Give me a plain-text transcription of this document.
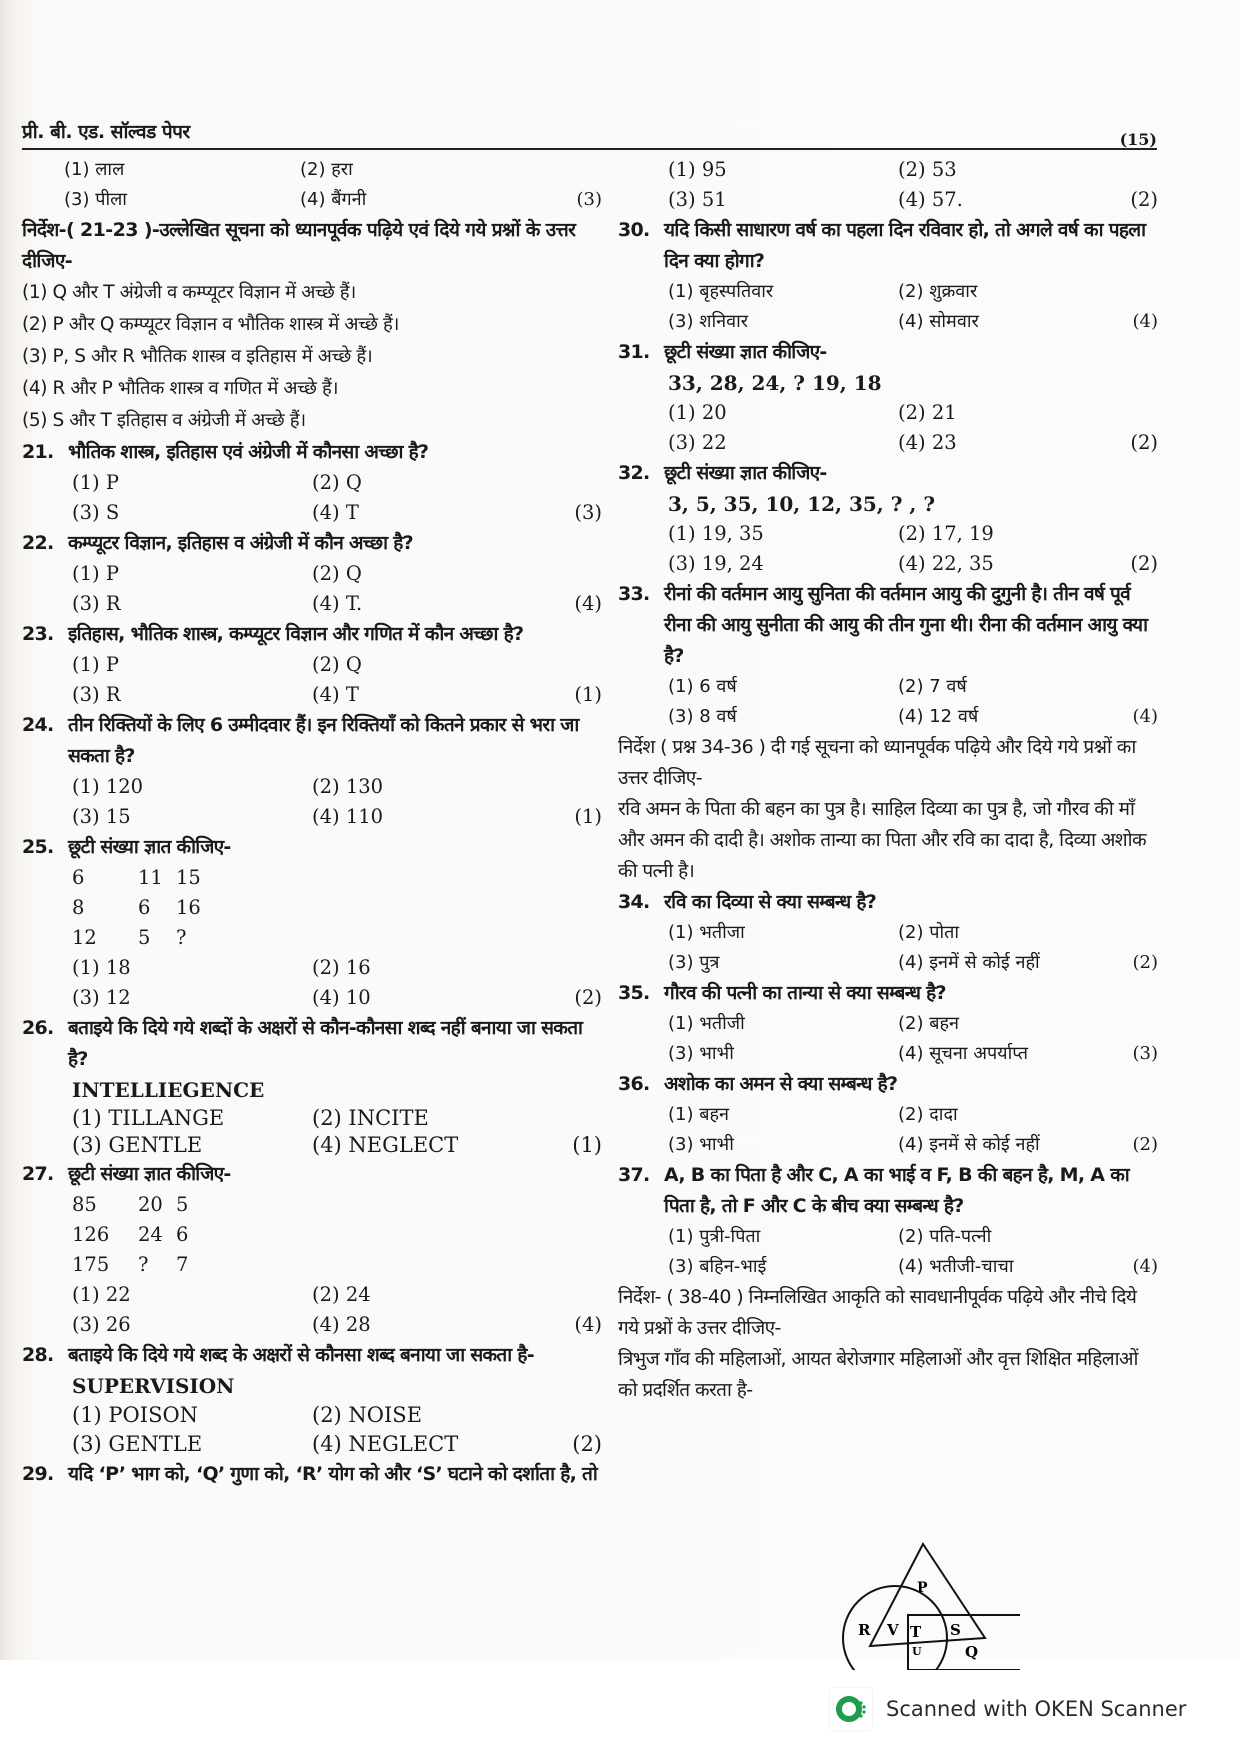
प्री. बी. एड. सॉल्वड पेपर	(15)
(1) लाल	(2) हरा
(3) पीला	(4) बैंगनी	(3)

निर्देश-( 21-23 )-उल्लेखित सूचना को ध्यानपूर्वक पढ़िये एवं दिये गये प्रश्नों के उत्तर दीजिए-

(1) Q और T अंग्रेजी व कम्प्यूटर विज्ञान में अच्छे हैं।
(2) P और Q कम्प्यूटर विज्ञान व भौतिक शास्त्र में अच्छे हैं।
(3) P, S और R भौतिक शास्त्र व इतिहास में अच्छे हैं।
(4) R और P भौतिक शास्त्र व गणित में अच्छे हैं।
(5) S और T इतिहास व अंग्रेजी में अच्छे हैं।
21. भौतिक शास्त्र, इतिहास एवं अंग्रेजी में कौनसा अच्छा है?
(1) P	(2) Q
(3) S	(4) T	(3)
22. कम्प्यूटर विज्ञान, इतिहास व अंग्रेजी में कौन अच्छा है?
(1) P	(2) Q
(3) R	(4) T.	(4)
23. इतिहास, भौतिक शास्त्र, कम्प्यूटर विज्ञान और गणित में कौन अच्छा है?
(1) P	(2) Q
(3) R	(4) T	(1)
24. तीन रिक्तियों के लिए 6 उम्मीदवार हैं। इन रिक्तियाँ को कितने प्रकार से भरा जा सकता है?
(1) 120	(2) 130
(3) 15	(4) 110	(1)
25. छूटी संख्या ज्ञात कीजिए-
6	11 15
8	6	16
12	5	?
(1) 18	(2) 16
(3) 12	(4) 10	(2)
26. बताइये कि दिये गये शब्दों के अक्षरों से कौन-कौनसा शब्द नहीं बनाया जा सकता है?
INTELLIEGENCE
(1) TILLANGE	(2) INCITE
(3) GENTLE	(4) NEGLECT	(1)
27. छूटी संख्या ज्ञात कीजिए-
85	20 5
126	24 6
175	?	7
(1) 22	(2) 24
(3) 26	(4) 28	(4)
28. बताइये कि दिये गये शब्द के अक्षरों से कौनसा शब्द बनाया जा सकता है-
SUPERVISION
(1) POISON	(2) NOISE
(3) GENTLE	(4) NEGLECT	(2)
29. यदि ‘P’ भाग को, ‘Q’ गुणा को, ‘R’ योग को और ‘S’ घटाने को दर्शाता है, तो
(1) 95	(2) 53
(3) 51	(4) 57.	(2)
30. यदि किसी साधारण वर्ष का पहला दिन रविवार हो, तो अगले वर्ष का पहला दिन क्या होगा?
(1) बृहस्पतिवार	(2) शुक्रवार
(3) शनिवार	(4) सोमवार	(4)
31. छूटी संख्या ज्ञात कीजिए-
33, 28, 24, ? 19, 18
(1) 20	(2) 21
(3) 22	(4) 23	(2)
32. छूटी संख्या ज्ञात कीजिए-
3, 5, 35, 10, 12, 35, ? , ?
(1) 19, 35	(2) 17, 19
(3) 19, 24	(4) 22, 35	(2)
33. रीनां की वर्तमान आयु सुनिता की वर्तमान आयु की दुगुनी है। तीन वर्ष पूर्व रीना की आयु सुनीता की आयु की तीन गुना थी। रीना की वर्तमान आयु क्या है?
(1) 6 वर्ष	(2) 7 वर्ष
(3) 8 वर्ष	(4) 12 वर्ष	(4)

निर्देश ( प्रश्न 34-36 ) दी गई सूचना को ध्यानपूर्वक पढ़िये और दिये गये प्रश्नों का उत्तर दीजिए-

रवि अमन के पिता की बहन का पुत्र है। साहिल दिव्या का पुत्र है, जो गौरव की माँ और अमन की दादी है। अशोक तान्या का पिता और रवि का दादा है, दिव्या अशोक की पत्नी है।

34. रवि का दिव्या से क्या सम्बन्ध है?
(1) भतीजा	(2) पोता
(3) पुत्र	(4) इनमें से कोई नहीं	(2)
35. गौरव की पत्नी का तान्या से क्या सम्बन्ध है?
(1) भतीजी	(2) बहन
(3) भाभी	(4) सूचना अपर्याप्त	(3)
36. अशोक का अमन से क्या सम्बन्ध है?
(1) बहन	(2) दादा
(3) भाभी	(4) इनमें से कोई नहीं	(2)
37. A, B का पिता है और C, A का भाई व F, B की बहन है, M, A का पिता है, तो F और C के बीच क्या सम्बन्ध है?
(1) पुत्री-पिता	(2) पति-पत्नी
(3) बहिन-भाई	(4) भतीजी-चाचा	(4)

निर्देश- ( 38-40 ) निम्नलिखित आकृति को सावधानीपूर्वक पढ़िये और नीचे दिये गये प्रश्नों के उत्तर दीजिए-

त्रिभुज गाँव की महिलाओं, आयत बेरोजगार महिलाओं और वृत्त शिक्षित महिलाओं को प्रदर्शित करता है-

P
R V T S
U	Q
Scanned with OKEN Scanner
